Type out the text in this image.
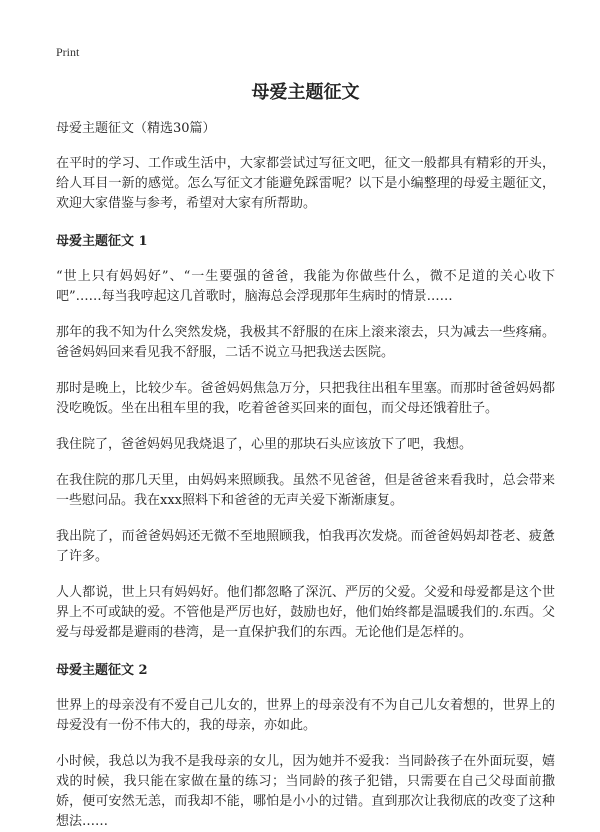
Print
母爱主题征文

母爱主题征文（精选30篇）

在平时的学习、工作或生活中，大家都尝试过写征文吧，征文一般都具有精彩的开头，给人耳目一新的感觉。怎么写征文才能避免踩雷呢？以下是小编整理的母爱主题征文，欢迎大家借鉴与参考，希望对大家有所帮助。

母爱主题征文 1

“世上只有妈妈好”、“一生要强的爸爸，我能为你做些什么，微不足道的关心收下吧”……每当我哼起这几首歌时，脑海总会浮现那年生病时的情景……

那年的我不知为什么突然发烧，我极其不舒服的在床上滚来滚去，只为减去一些疼痛。爸爸妈妈回来看见我不舒服，二话不说立马把我送去医院。

那时是晚上，比较少车。爸爸妈妈焦急万分，只把我往出租车里塞。而那时爸爸妈妈都没吃晚饭。坐在出租车里的我，吃着爸爸买回来的面包，而父母还饿着肚子。

我住院了，爸爸妈妈见我烧退了，心里的那块石头应该放下了吧，我想。

在我住院的那几天里，由妈妈来照顾我。虽然不见爸爸，但是爸爸来看我时，总会带来一些慰问品。我在xxx照料下和爸爸的无声关爱下渐渐康复。

我出院了，而爸爸妈妈还无微不至地照顾我，怕我再次发烧。而爸爸妈妈却苍老、疲惫了许多。

人人都说，世上只有妈妈好。他们都忽略了深沉、严厉的父爱。父爱和母爱都是这个世界上不可或缺的爱。不管他是严厉也好，鼓励也好，他们始终都是温暖我们的.东西。父爱与母爱都是避雨的巷湾，是一直保护我们的东西。无论他们是怎样的。

母爱主题征文 2

世界上的母亲没有不爱自己儿女的，世界上的母亲没有不为自己儿女着想的，世界上的母爱没有一份不伟大的，我的母亲，亦如此。

小时候，我总以为我不是我母亲的女儿，因为她并不爱我：当同龄孩子在外面玩耍，嬉戏的时候，我只能在家做在量的练习；当同龄的孩子犯错，只需要在自己父母面前撒娇，便可安然无恙，而我却不能，哪怕是小小的过错。直到那次让我彻底的改变了这种想法……
